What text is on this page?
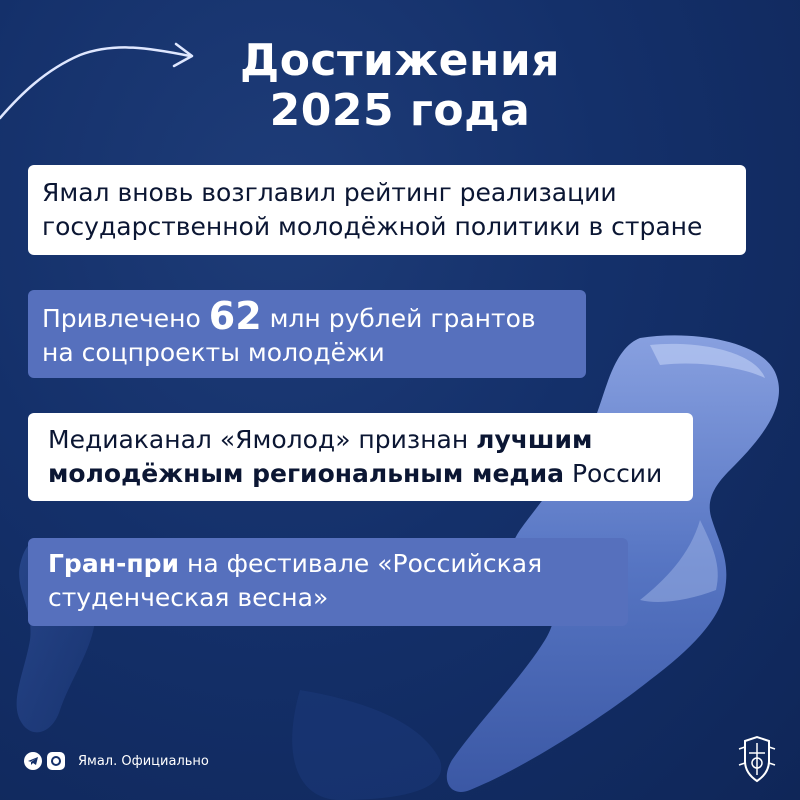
Достижения
2025 года
Ямал вновь возглавил рейтинг реализации
государственной молодёжной политики в стране
Привлечено 62 млн рублей грантов
на соцпроекты молодёжи
Медиаканал «Ямолод» признан лучшим
молодёжным региональным медиа России
Гран-при на фестивале «Российская
студенческая весна»
Ямал. Официально
